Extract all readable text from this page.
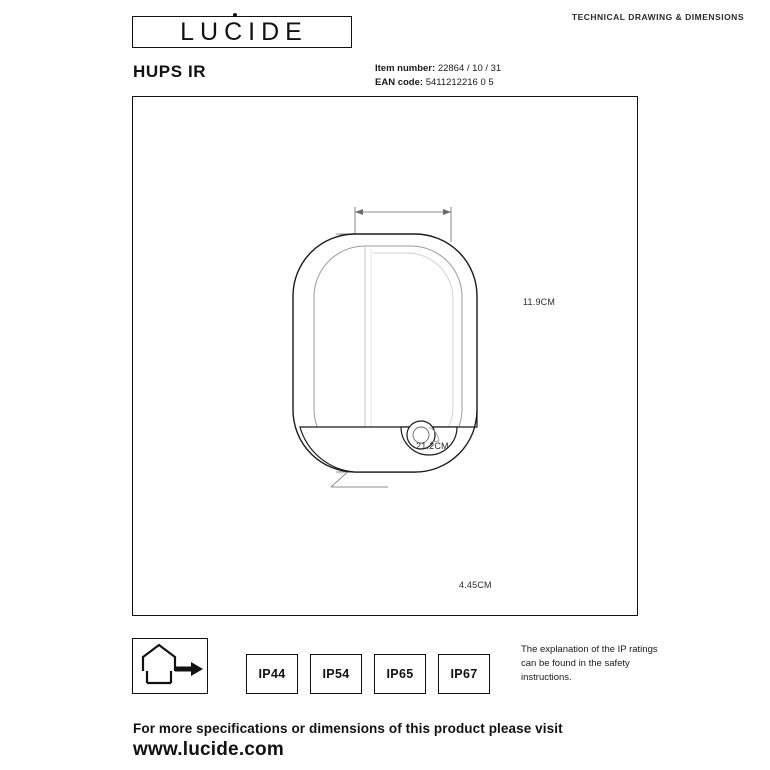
TECHNICAL DRAWING & DIMENSIONS
LUCIDE
HUPS IR	Item number: 22864 / 10 / 31
EAN code: 5411212216 0 5
11.9CM
21.2CM
4.45CM
IP44	IP54	IP65	IP67
The explanation of the IP ratings can be found in the safety instructions.
For more specifications or dimensions of this product please visit
www.lucide.com
